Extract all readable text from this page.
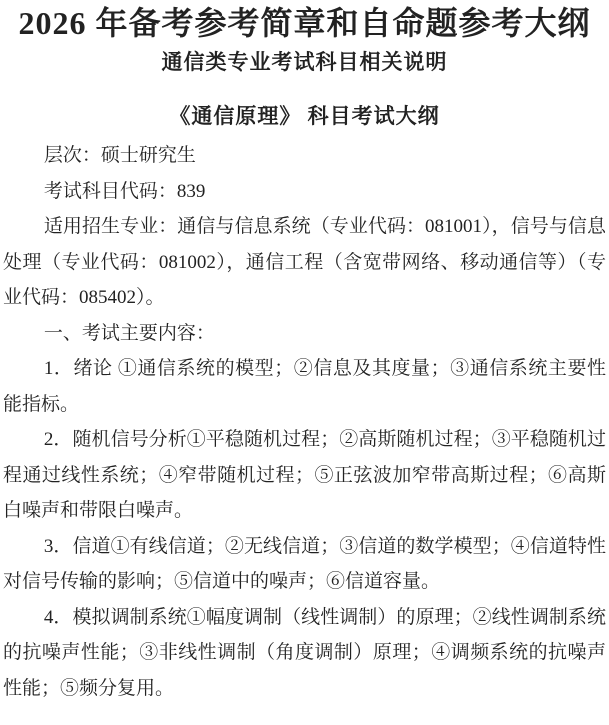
2026 年备考参考简章和自命题参考大纲
通信类专业考试科目相关说明
《通信原理》 科目考试大纲

层次：硕士研究生

考试科目代码：839

适用招生专业：通信与信息系统（专业代码：081001），信号与信息处理（专业代码：081002），通信工程（含宽带网络、移动通信等）（专业代码：085402）。

一、考试主要内容：

1．绪论 ①通信系统的模型；②信息及其度量；③通信系统主要性能指标。

2．随机信号分析①平稳随机过程；②高斯随机过程；③平稳随机过程通过线性系统；④窄带随机过程；⑤正弦波加窄带高斯过程；⑥高斯白噪声和带限白噪声。

3．信道①有线信道；②无线信道；③信道的数学模型；④信道特性对信号传输的影响；⑤信道中的噪声；⑥信道容量。

4．模拟调制系统①幅度调制（线性调制）的原理；②线性调制系统的抗噪声性能；③非线性调制（角度调制）原理；④调频系统的抗噪声性能；⑤频分复用。
